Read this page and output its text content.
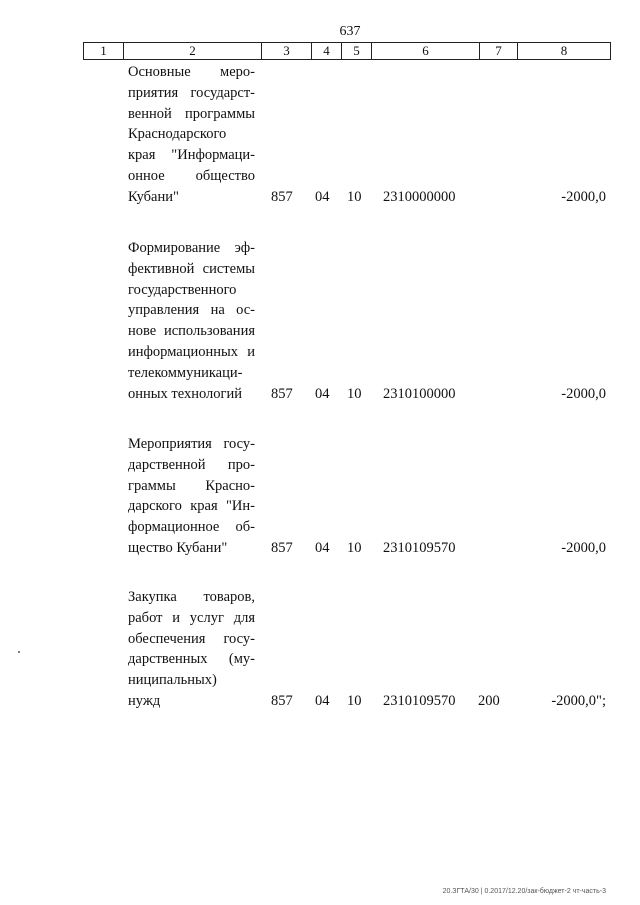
637
1	2	3	4	5	6	7	8
Основные меро-
приятия государст-
венной программы
Краснодарского
края "Информаци-
онное общество
Кубани"	857 04 10 2310000000	-2000,0
Формирование эф-
фективной системы
государственного
управления на ос-
нове использования
информационных и
телекоммуникаци-
онных технологий	857 04 10 2310100000	-2000,0
Мероприятия госу-
дарственной про-
граммы Красно-
дарского края "Ин-
формационное об-
щество Кубани"	857 04 10 2310109570	-2000,0
Закупка товаров,
работ и услуг для
обеспечения госу-
дарственных (му-
ниципальных)
нужд	857 04 10 2310109570 200	-2000,0";
20.ЗГТА/30 | 0.2017/12.20/зак-бюджет-2 чт-часть-3
